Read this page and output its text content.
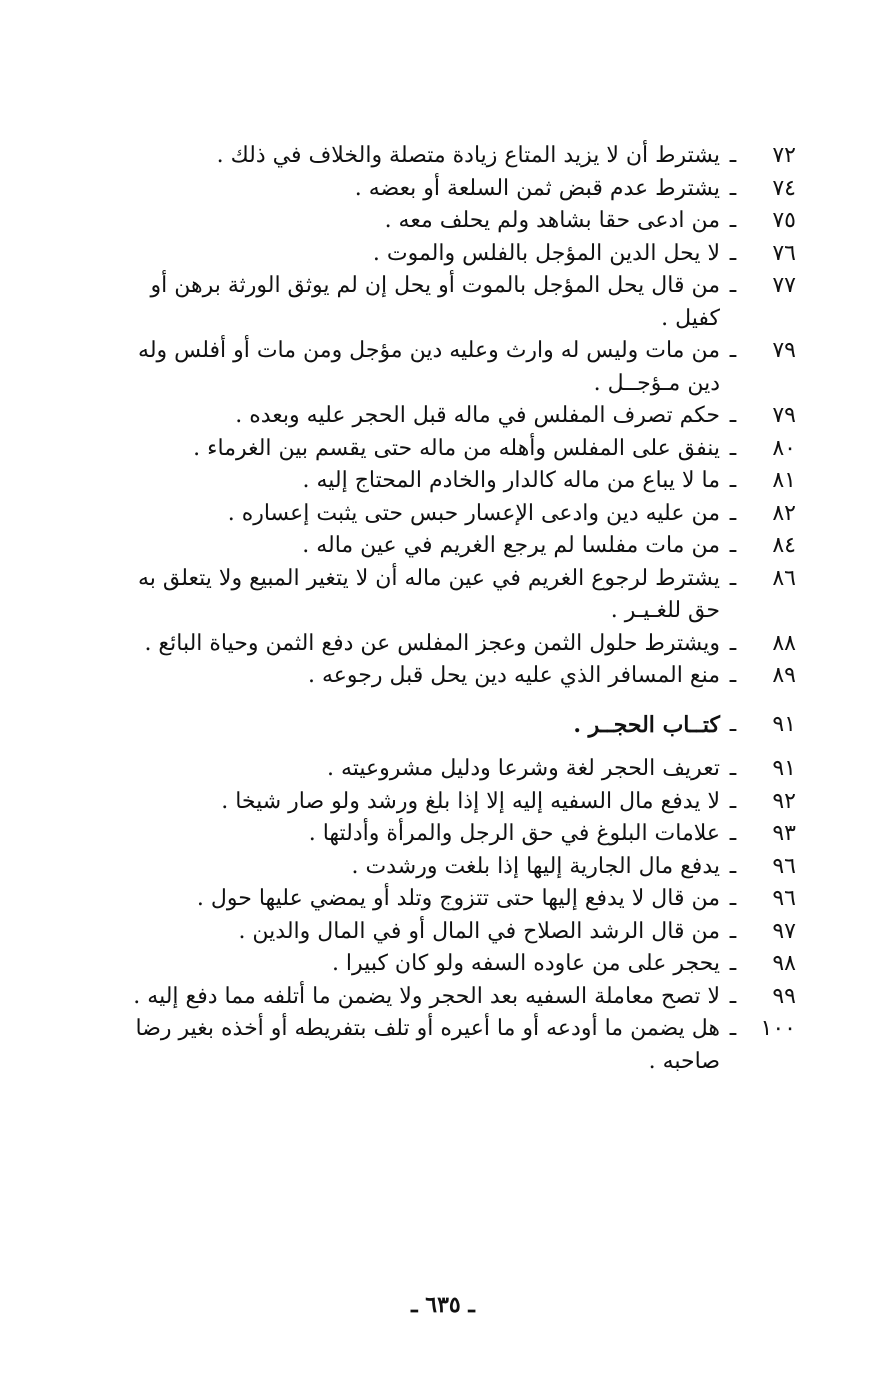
٧٢
ـ
يشترط أن لا يزيد المتاع زيادة متصلة والخلاف في ذلك .
٧٤
ـ
يشترط عدم قبض ثمن السلعة أو بعضه .
٧٥
ـ
من ادعى حقا بشاهد ولم يحلف معه .
٧٦
ـ
لا يحل الدين المؤجل بالفلس والموت .
٧٧
ـ
من قال يحل المؤجل بالموت أو يحل إن لم يوثق الورثة برهن أو كفيل .
٧٩
ـ
من مات وليس له وارث وعليه دين مؤجل ومن مات أو أفلس وله دين مـؤجــل .
٧٩
ـ
حكم تصرف المفلس في ماله قبل الحجر عليه وبعده .
٨٠
ـ
ينفق على المفلس وأهله من ماله حتى يقسم بين الغرماء .
٨١
ـ
ما لا يباع من ماله كالدار والخادم المحتاج إليه .
٨٢
ـ
من عليه دين وادعى الإعسار حبس حتى يثبت إعساره .
٨٤
ـ
من مات مفلسا لم يرجع الغريم في عين ماله .
٨٦
ـ
يشترط لرجوع الغريم في عين ماله أن لا يتغير المبيع ولا يتعلق به حق للغـيـر .
٨٨
ـ
ويشترط حلول الثمن وعجز المفلس عن دفع الثمن وحياة البائع .
٨٩
ـ
منع المسافر الذي عليه دين يحل قبل رجوعه .
٩١
ـ
كتــاب الحجــر .
٩١
ـ
تعريف الحجر لغة وشرعا ودليل مشروعيته .
٩٢
ـ
لا يدفع مال السفيه إليه إلا إذا بلغ ورشد ولو صار شيخا .
٩٣
ـ
علامات البلوغ في حق الرجل والمرأة وأدلتها .
٩٦
ـ
يدفع مال الجارية إليها إذا بلغت ورشدت .
٩٦
ـ
من قال لا يدفع إليها حتى تتزوج وتلد أو يمضي عليها حول .
٩٧
ـ
من قال الرشد الصلاح في المال أو في المال والدين .
٩٨
ـ
يحجر على من عاوده السفه ولو كان كبيرا .
٩٩
ـ
لا تصح معاملة السفيه بعد الحجر ولا يضمن ما أتلفه مما دفع إليه .
١٠٠
ـ
هل يضمن ما أودعه أو ما أعيره أو تلف بتفريطه أو أخذه بغير رضا صاحبه .
ـ ٦٣٥ ـ
